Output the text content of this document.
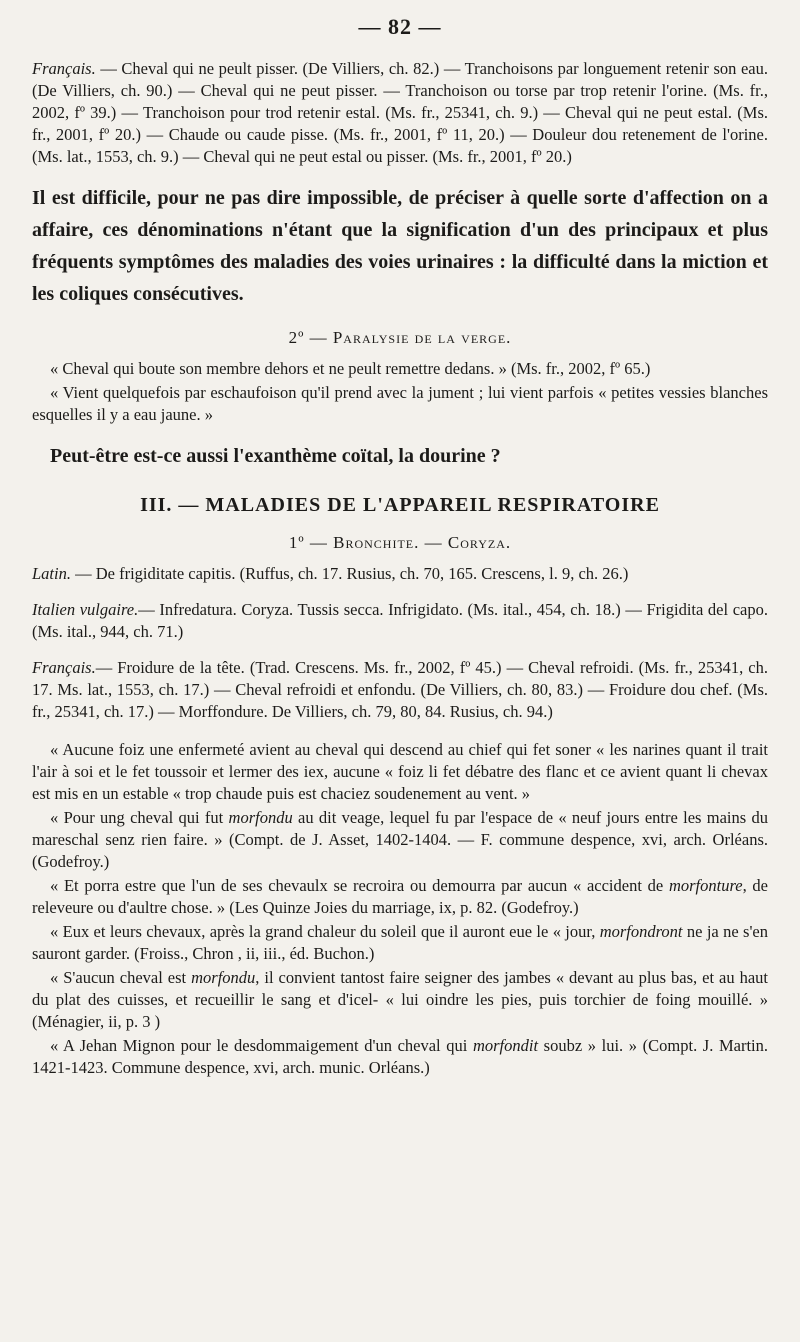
— 82 —

Français. — Cheval qui ne peult pisser. (De Villiers, ch. 82.) — Tranchoisons par longuement retenir son eau. (De Villiers, ch. 90.) — Cheval qui ne peut pisser. — Tranchoison ou torse par trop retenir l'orine. (Ms. fr., 2002, fº 39.) — Tranchoison pour trod retenir estal. (Ms. fr., 25341, ch. 9.) — Cheval qui ne peut estal. (Ms. fr., 2001, fº 20.) — Chaude ou caude pisse. (Ms. fr., 2001, fº 11, 20.) — Douleur dou retenement de l'orine. (Ms. lat., 1553, ch. 9.) — Cheval qui ne peut estal ou pisser. (Ms. fr., 2001, fº 20.)

Il est difficile, pour ne pas dire impossible, de préciser à quelle sorte d'affection on a affaire, ces dénominations n'étant que la signification d'un des principaux et plus fréquents symptômes des maladies des voies urinaires : la difficulté dans la miction et les coliques consécutives.

2º — Paralysie de la verge.

« Cheval qui boute son membre dehors et ne peult remettre dedans. » (Ms. fr., 2002, fº 65.)

« Vient quelquefois par eschaufoison qu'il prend avec la jument ; lui vient parfois « petites vessies blanches esquelles il y a eau jaune. »

Peut-être est-ce aussi l'exanthème coïtal, la dourine ?

III. — MALADIES DE L'APPAREIL RESPIRATOIRE
1º — Bronchite. — Coryza.

Latin. — De frigiditate capitis. (Ruffus, ch. 17. Rusius, ch. 70, 165. Crescens, l. 9, ch. 26.)

Italien vulgaire.— Infredatura. Coryza. Tussis secca. Infrigidato. (Ms. ital., 454, ch. 18.) — Frigidita del capo. (Ms. ital., 944, ch. 71.)

Français.— Froidure de la tête. (Trad. Crescens. Ms. fr., 2002, fº 45.) — Cheval refroidi. (Ms. fr., 25341, ch. 17. Ms. lat., 1553, ch. 17.) — Cheval refroidi et enfondu. (De Villiers, ch. 80, 83.) — Froidure dou chef. (Ms. fr., 25341, ch. 17.) — Morffondure. De Villiers, ch. 79, 80, 84. Rusius, ch. 94.)

« Aucune foiz une enfermeté avient au cheval qui descend au chief qui fet soner « les narines quant il trait l'air à soi et le fet toussoir et lermer des iex, aucune « foiz li fet débatre des flanc et ce avient quant li chevax est mis en un estable « trop chaude puis est chaciez soudenement au vent. »

« Pour ung cheval qui fut morfondu au dit veage, lequel fu par l'espace de « neuf jours entre les mains du mareschal senz rien faire. » (Compt. de J. Asset, 1402-1404. — F. commune despence, xvi, arch. Orléans. (Godefroy.)

« Et porra estre que l'un de ses chevaulx se recroira ou demourra par aucun « accident de morfonture, de releveure ou d'aultre chose. » (Les Quinze Joies du marriage, ix, p. 82. (Godefroy.)

« Eux et leurs chevaux, après la grand chaleur du soleil que il auront eue le « jour, morfondront ne ja ne s'en sauront garder. (Froiss., Chron , ii, iii., éd. Buchon.)

« S'aucun cheval est morfondu, il convient tantost faire seigner des jambes « devant au plus bas, et au haut du plat des cuisses, et recueillir le sang et d'icel- « lui oindre les pies, puis torchier de foing mouillé. » (Ménagier, ii, p. 3 )

« A Jehan Mignon pour le desdommaigement d'un cheval qui morfondit soubz » lui. » (Compt. J. Martin. 1421-1423. Commune despence, xvi, arch. munic. Orléans.)
